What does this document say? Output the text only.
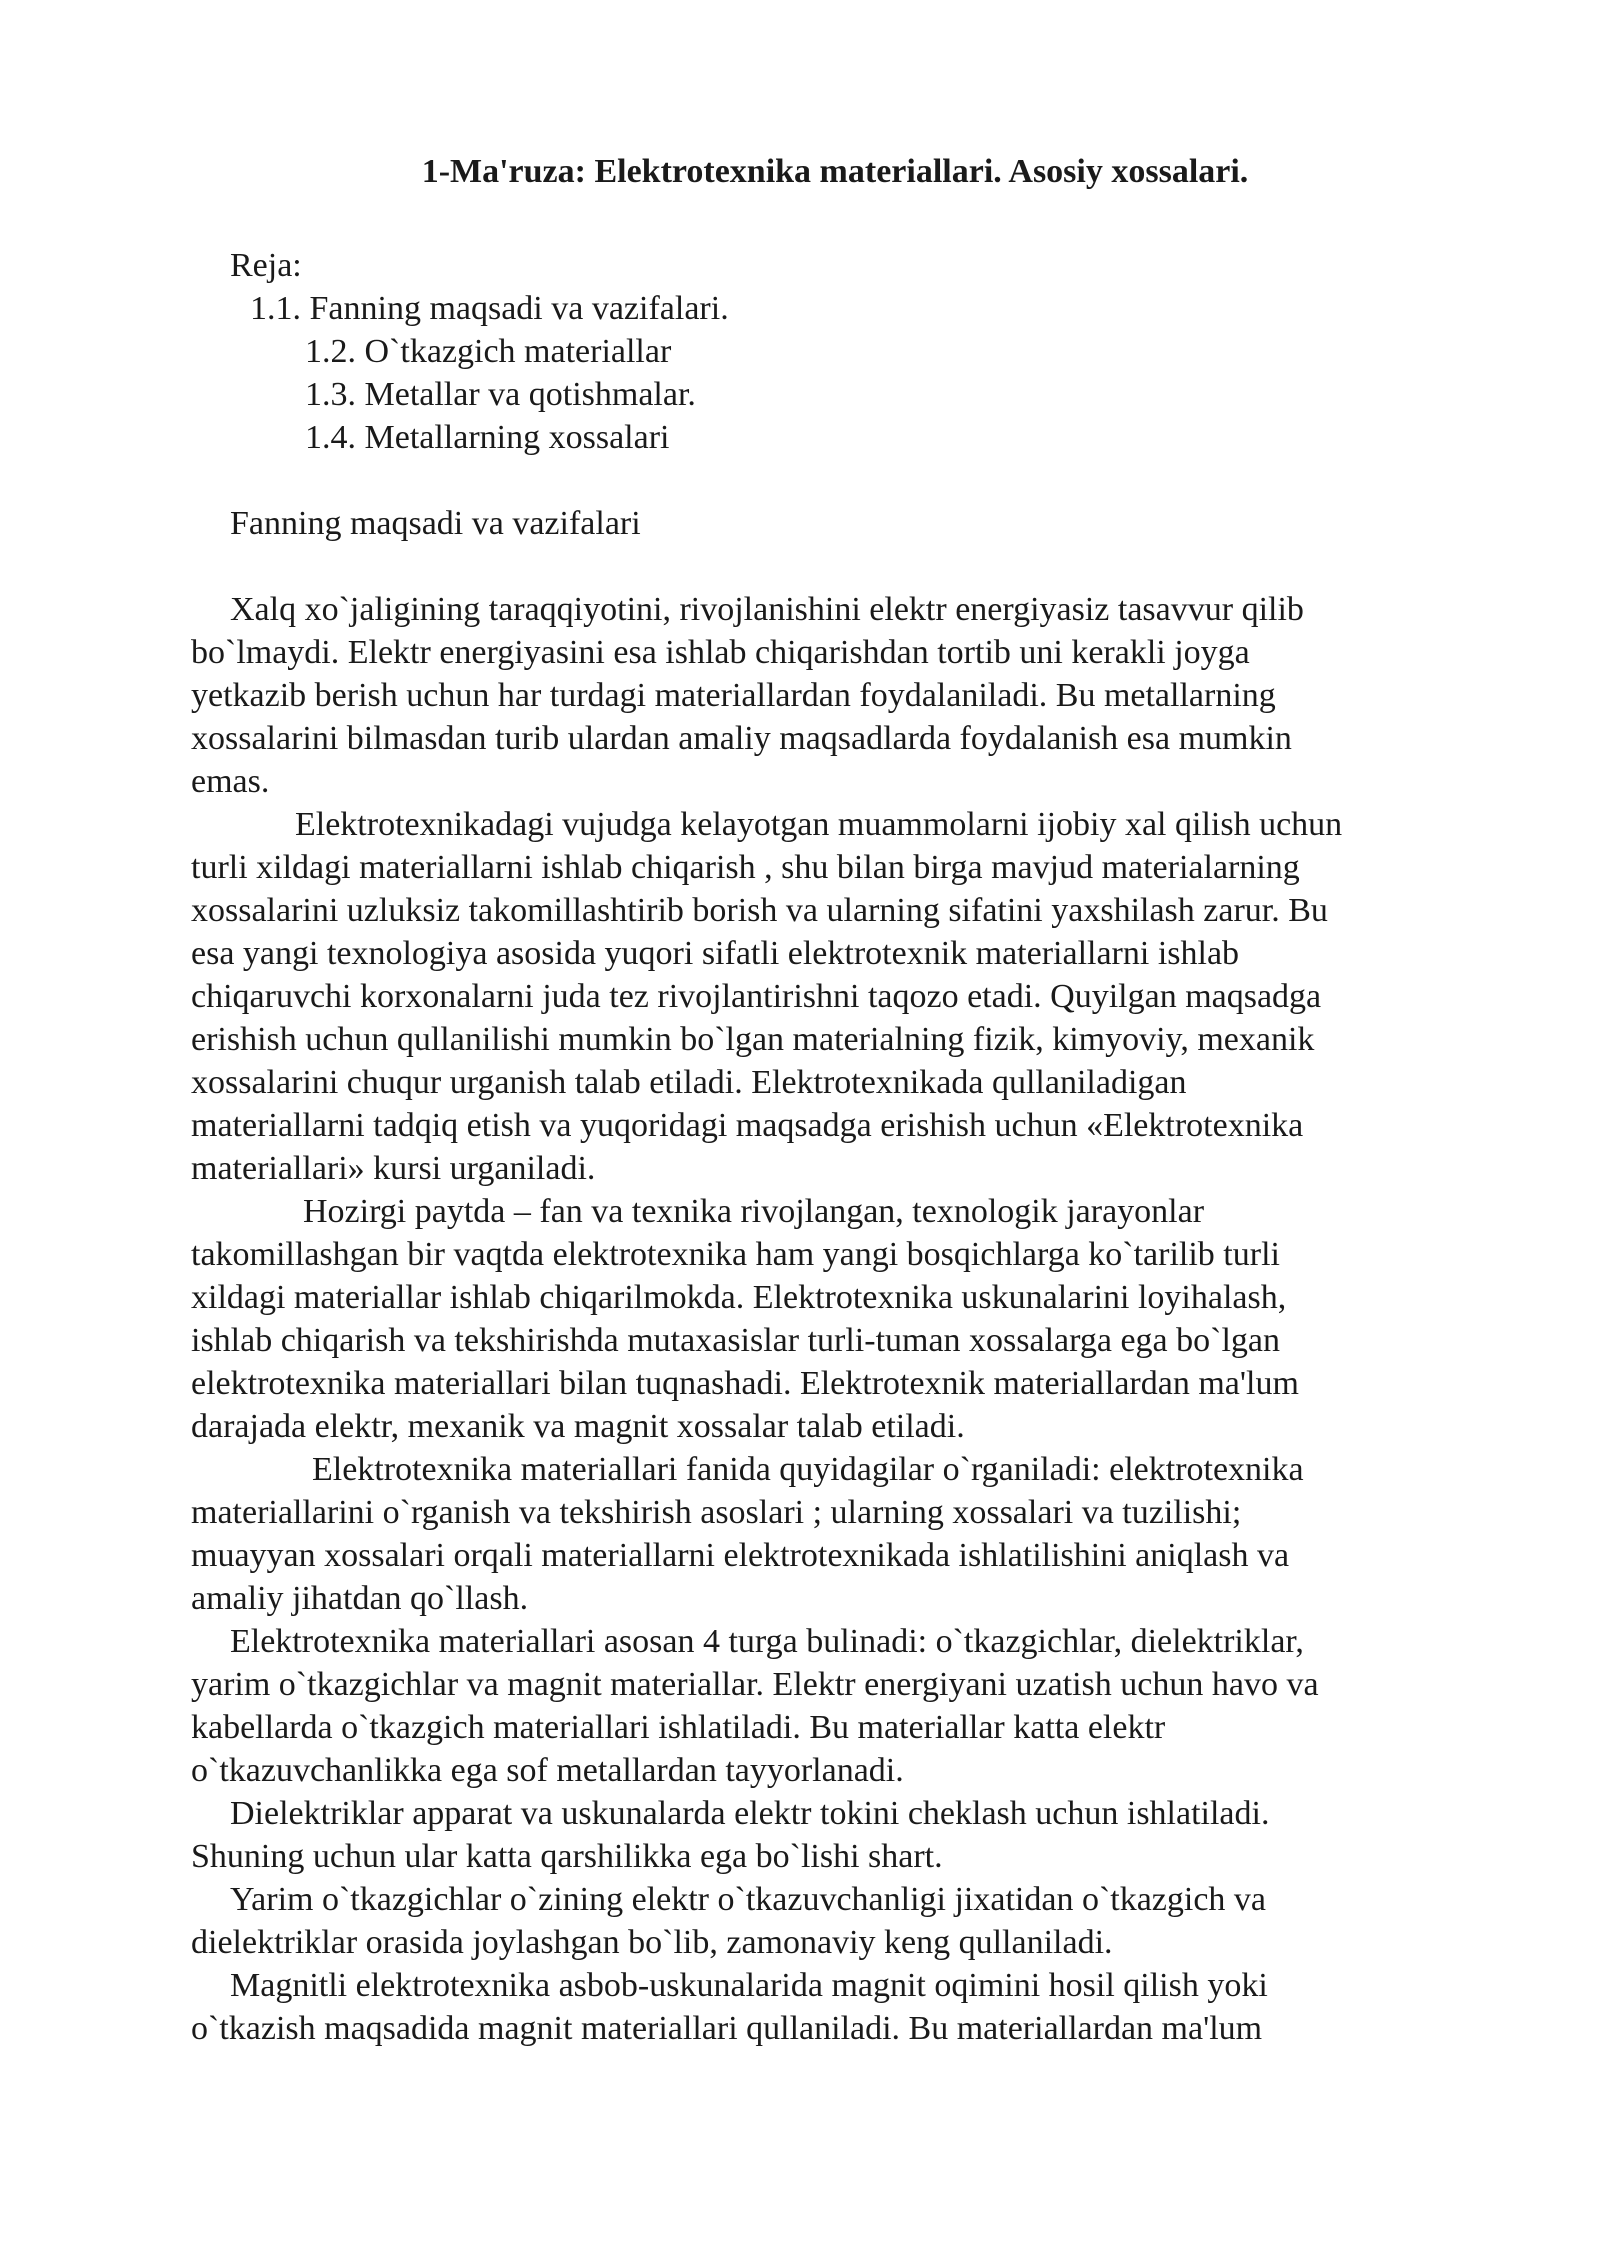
1-Ma'ruza: Elektrotexnika materiallari. Asosiy xossalari.
Reja:
1.1. Fanning maqsadi va vazifalari.
1.2. O`tkazgich materiallar
1.3. Metallar va qotishmalar.
1.4. Metallarning xossalari
Fanning maqsadi va vazifalari
Xalq xo`jaligining taraqqiyotini, rivojlanishini elektr energiyasiz tasavvur qilib
bo`lmaydi. Elektr energiyasini esa ishlab chiqarishdan tortib uni kerakli joyga
yetkazib berish uchun har turdagi materiallardan foydalaniladi. Bu metallarning
xossalarini bilmasdan turib ulardan amaliy maqsadlarda foydalanish esa mumkin
emas.
Elektrotexnikadagi vujudga kelayotgan muammolarni ijobiy xal qilish uchun
turli xildagi materiallarni ishlab chiqarish , shu bilan birga mavjud materialarning
xossalarini uzluksiz takomillashtirib borish va ularning sifatini yaxshilash zarur. Bu
esa yangi texnologiya asosida yuqori sifatli elektrotexnik materiallarni ishlab
chiqaruvchi korxonalarni juda tez rivojlantirishni taqozo etadi. Quyilgan maqsadga
erishish uchun qullanilishi mumkin bo`lgan materialning fizik, kimyoviy, mexanik
xossalarini chuqur urganish talab etiladi. Elektrotexnikada qullaniladigan
materiallarni tadqiq etish va yuqoridagi maqsadga erishish uchun «Elektrotexnika
materiallari» kursi urganiladi.
Hozirgi paytda – fan va texnika rivojlangan, texnologik jarayonlar
takomillashgan bir vaqtda elektrotexnika ham yangi bosqichlarga ko`tarilib turli
xildagi materiallar ishlab chiqarilmokda. Elektrotexnika uskunalarini loyihalash,
ishlab chiqarish va tekshirishda mutaxasislar turli-tuman xossalarga ega bo`lgan
elektrotexnika materiallari bilan tuqnashadi. Elektrotexnik materiallardan ma'lum
darajada elektr, mexanik va magnit xossalar talab etiladi.
Elektrotexnika materiallari fanida quyidagilar o`rganiladi: elektrotexnika
materiallarini o`rganish va tekshirish asoslari ; ularning xossalari va tuzilishi;
muayyan xossalari orqali materiallarni elektrotexnikada ishlatilishini aniqlash va
amaliy jihatdan qo`llash.
Elektrotexnika materiallari asosan 4 turga bulinadi: o`tkazgichlar, dielektriklar,
yarim o`tkazgichlar va magnit materiallar. Elektr energiyani uzatish uchun havo va
kabellarda o`tkazgich materiallari ishlatiladi. Bu materiallar katta elektr
o`tkazuvchanlikka ega sof metallardan tayyorlanadi.
Dielektriklar apparat va uskunalarda elektr tokini cheklash uchun ishlatiladi.
Shuning uchun ular katta qarshilikka ega bo`lishi shart.
Yarim o`tkazgichlar o`zining elektr o`tkazuvchanligi jixatidan o`tkazgich va
dielektriklar orasida joylashgan bo`lib, zamonaviy keng qullaniladi.
Magnitli elektrotexnika asbob-uskunalarida magnit oqimini hosil qilish yoki
o`tkazish maqsadida magnit materiallari qullaniladi. Bu materiallardan ma'lum
